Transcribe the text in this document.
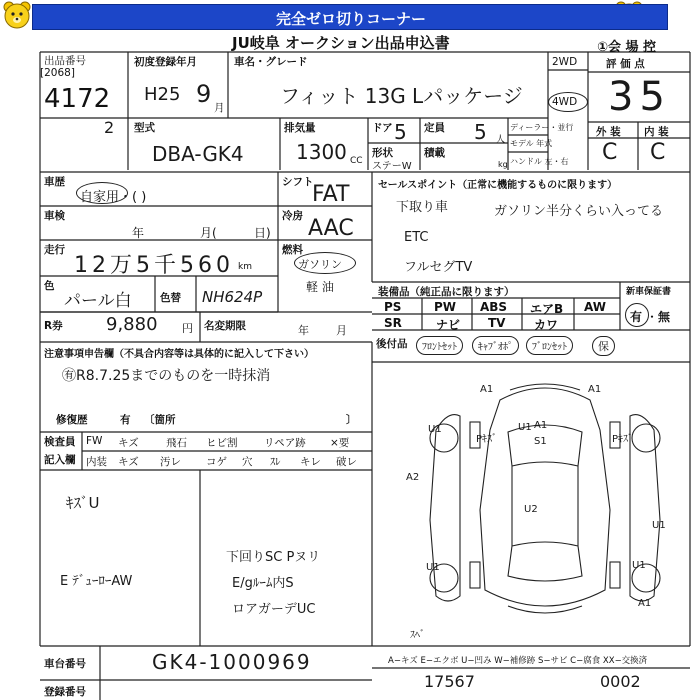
完全ゼロ切りコーナー
JU岐阜 オークション出品申込書	①会 場 控
出品番号
[2068]
4172
2
初度登録年月
H25 9 月
車名・グレード
フィット 13G Lパッケージ
2WD
4WD
評 価 点
35
外 装 内 装
C C
型式
DBA-GK4
排気量
1300 CC
ドア 5 定員 5 人
形状
ステーW
積載
kg
ディーラー・並行
モデル 年式
ハンドル 左・右
車歴
自家用・( )
車検
年	月(	日)
走行
12万5千560 km
色
パール白	色替 NH624P
シフト
FAT
冷房 AAC
燃料
ガソリン
軽 油
セールスポイント（正常に機能するものに限ります）
下取り車	ガソリン半分くらい入ってる
ETC
フルセグTV
装備品（純正品に限ります）	新車保証書
PS	PW ABS エアB AW
SR	ナビ TV カワ
有 ・ 無
後付品	ﾌﾛﾝﾄｾｯﾄ	ｷｬﾌﾞｵﾎﾟ	ﾌﾞﾛﾝｾｯﾄ	保
R券 9,880 円 名変期限	年 月
注意事項申告欄（不具合内容等は具体的に記入して下さい）
㊒R8.7.25までのものを一時抹消
修復歴	有 〔箇所	〕
検査員
記入欄
FW キズ	飛石 ヒビ割	リペア跡 ×要
内装 キズ 汚レ コゲ 穴 ｽﾚ キレ 破レ
ｷｽﾞU
下回りSC Pヌリ
E ﾃﾞｭｰﾛｰAW	E/gﾙｰﾑ内S
ロアガーデUC
A1	A1
U1	A1
S1
Pｷｽﾞ	Pｷｽﾞ
U1
A2
U2
U1
U1	U1
A1
ｽﾍﾞ
車台番号	GK4-1000969
登録番号
A−キズ E−エクボ U−凹み W−補修跡 S−サビ C−腐食 XX−交換済
17567	0002
